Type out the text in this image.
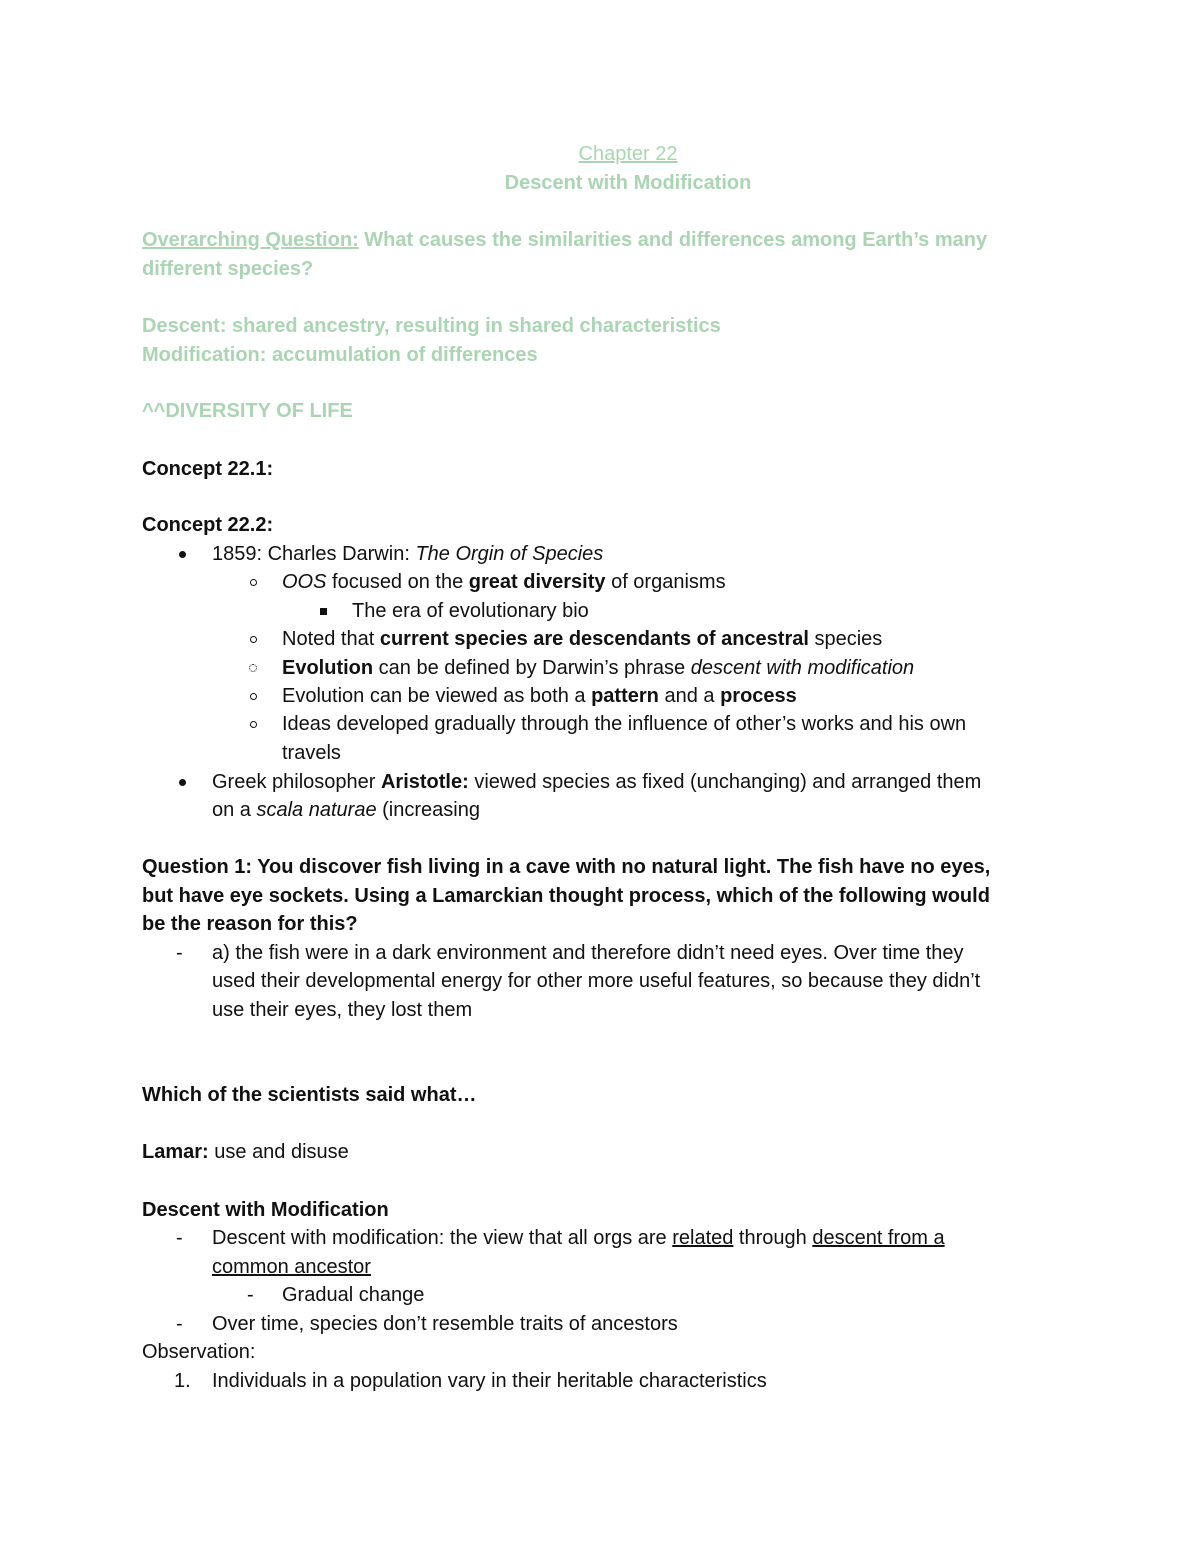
Chapter 22
Descent with Modification
Overarching Question: What causes the similarities and differences among Earth’s many
different species?
Descent: shared ancestry, resulting in shared characteristics
Modification: accumulation of differences
^^DIVERSITY OF LIFE
Concept 22.1:
Concept 22.2:
1859: Charles Darwin: The Orgin of Species
OOS focused on the great diversity of organisms
The era of evolutionary bio
Noted that current species are descendants of ancestral species
Evolution can be defined by Darwin’s phrase descent with modification
Evolution can be viewed as both a pattern and a process
Ideas developed gradually through the influence of other’s works and his own
travels
Greek philosopher Aristotle: viewed species as fixed (unchanging) and arranged them
on a scala naturae (increasing
Question 1: You discover fish living in a cave with no natural light. The fish have no eyes,
but have eye sockets. Using a Lamarckian thought process, which of the following would
be the reason for this?
- a) the fish were in a dark environment and therefore didn’t need eyes. Over time they
used their developmental energy for other more useful features, so because they didn’t
use their eyes, they lost them
Which of the scientists said what…
Lamar: use and disuse
Descent with Modification
- Descent with modification: the view that all orgs are related through descent from a
common ancestor
- Gradual change
- Over time, species don’t resemble traits of ancestors
Observation:
1. Individuals in a population vary in their heritable characteristics
